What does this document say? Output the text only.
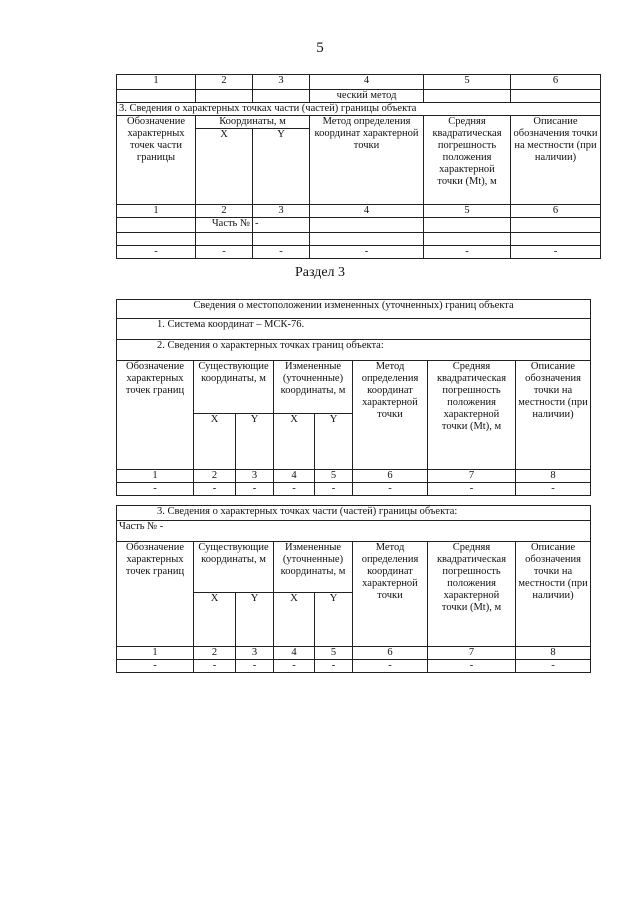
5
1	2	3	4	5	6
			ческий метод		
3. Сведения о характерных точках части (частей) границы объекта					
Обозначение характерных точек части границы	Координаты, м		Метод определения координат характерной точки	Средняя квадратическая погрешность положения характерной точки (Mt), м	Описание обозначения точки на местности (при наличии)
	X	Y			
1	2	3	4	5	6
	Часть №	-			

-	-	-	-	-	-
Раздел 3
Сведения о местоположении измененных (уточненных) границ объекта							
1. Система координат – МСК-76.							
2. Сведения о характерных точках границ объекта:							
Обозначение характерных точек границ	Существующие координаты, м		Измененные (уточненные) координаты, м		Метод определения координат характерной точки	Средняя квадратическая погрешность положения характерной точки (Mt), м	Описание обозначения точки на местности (при наличии)
	X	Y	X	Y			
1	2	3	4	5	6	7	8
-	-	-	-	-	-	-	-
3. Сведения о характерных точках части (частей) границы объекта:							
Часть № -							
Обозначение характерных точек границ	Существующие координаты, м		Измененные (уточненные) координаты, м		Метод определения координат характерной точки	Средняя квадратическая погрешность положения характерной точки (Mt), м	Описание обозначения точки на местности (при наличии)
	X	Y	X	Y			
1	2	3	4	5	6	7	8
-	-	-	-	-	-	-	-
